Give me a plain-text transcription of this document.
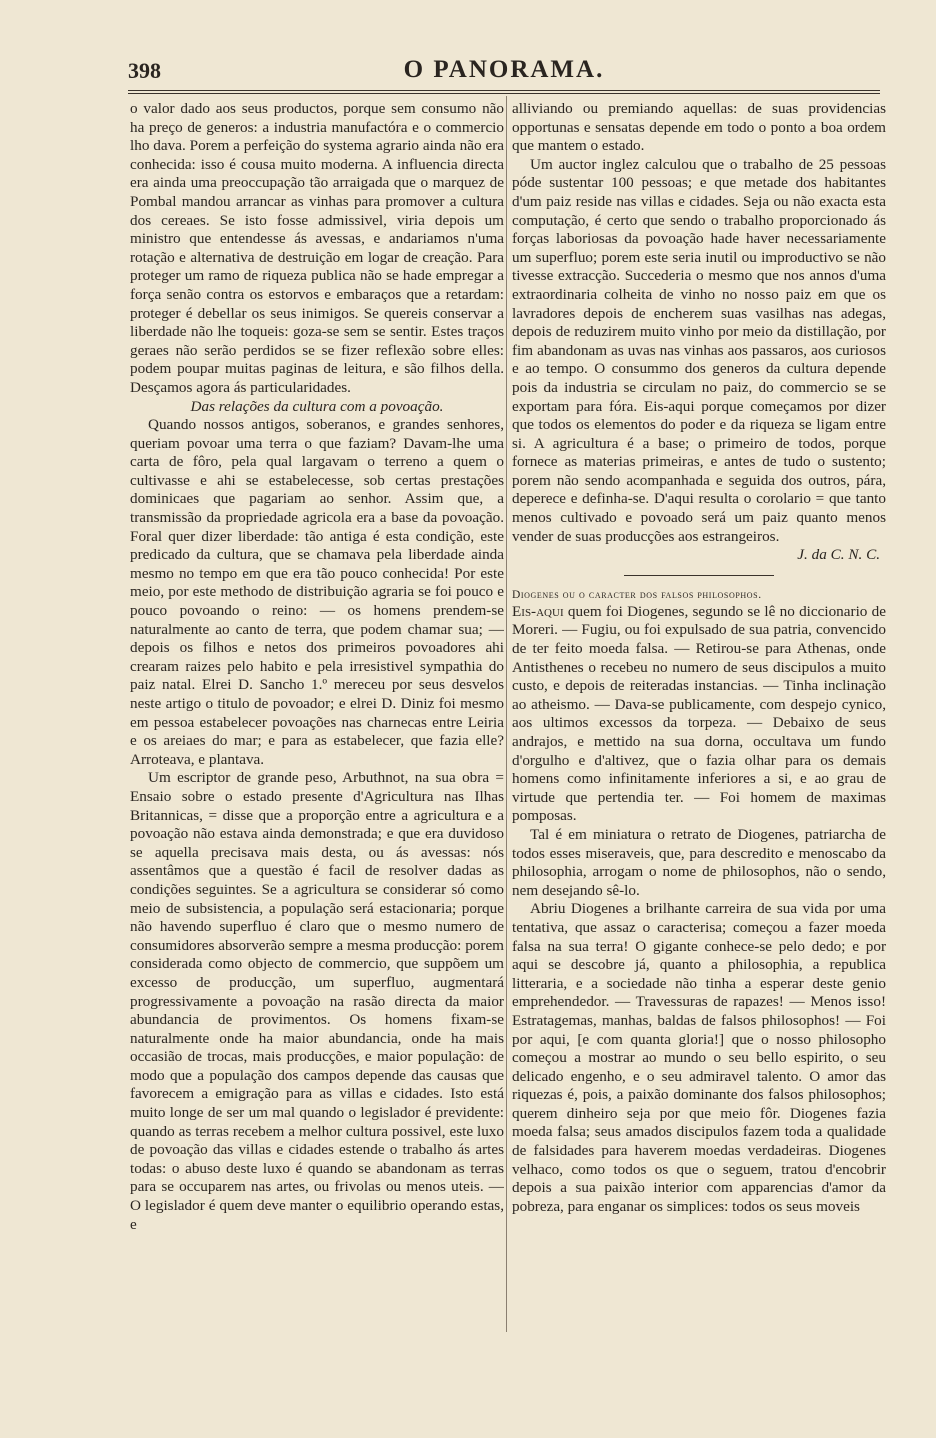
398	O PANORAMA.

o valor dado aos seus productos, porque sem consumo não ha preço de generos: a industria manufactóra e o commercio lho dava. Porem a perfeição do systema agrario ainda não era conhecida: isso é cousa muito moderna. A influencia directa era ainda uma preoccupação tão arraigada que o marquez de Pombal mandou arrancar as vinhas para promover a cultura dos cereaes. Se isto fosse admissivel, viria depois um ministro que entendesse ás avessas, e andariamos n'uma rotação e alternativa de destruição em logar de creação. Para proteger um ramo de riqueza publica não se hade empregar a força senão contra os estorvos e embaraços que a retardam: proteger é debellar os seus inimigos. Se quereis conservar a liberdade não lhe toqueis: goza-se sem se sentir. Estes traços geraes não serão perdidos se se fizer reflexão sobre elles: podem poupar muitas paginas de leitura, e são filhos della. Desçamos agora ás particularidades.

Das relações da cultura com a povoação.

Quando nossos antigos, soberanos, e grandes senhores, queriam povoar uma terra o que faziam? Davam-lhe uma carta de fôro, pela qual largavam o terreno a quem o cultivasse e ahi se estabelecesse, sob certas prestações dominicaes que pagariam ao senhor. Assim que, a transmissão da propriedade agricola era a base da povoação. Foral quer dizer liberdade: tão antiga é esta condição, este predicado da cultura, que se chamava pela liberdade ainda mesmo no tempo em que era tão pouco conhecida! Por este meio, por este methodo de distribuição agraria se foi pouco e pouco povoando o reino: — os homens prendem-se naturalmente ao canto de terra, que podem chamar sua; — depois os filhos e netos dos primeiros povoadores ahi crearam raizes pelo habito e pela irresistivel sympathia do paiz natal. Elrei D. Sancho 1.º mereceu por seus desvelos neste artigo o titulo de povoador; e elrei D. Diniz foi mesmo em pessoa estabelecer povoações nas charnecas entre Leiria e os areiaes do mar; e para as estabelecer, que fazia elle? Arroteava, e plantava.

Um escriptor de grande peso, Arbuthnot, na sua obra = Ensaio sobre o estado presente d'Agricultura nas Ilhas Britannicas, = disse que a proporção entre a agricultura e a povoação não estava ainda demonstrada; e que era duvidoso se aquella precisava mais desta, ou ás avessas: nós assentâmos que a questão é facil de resolver dadas as condições seguintes. Se a agricultura se considerar só como meio de subsistencia, a população será estacionaria; porque não havendo superfluo é claro que o mesmo numero de consumidores absorverão sempre a mesma producção: porem considerada como objecto de commercio, que suppõem um excesso de producção, um superfluo, augmentará progressivamente a povoação na rasão directa da maior abundancia de provimentos. Os homens fixam-se naturalmente onde ha maior abundancia, onde ha mais occasião de trocas, mais producções, e maior população: de modo que a população dos campos depende das causas que favorecem a emigração para as villas e cidades. Isto está muito longe de ser um mal quando o legislador é previdente: quando as terras recebem a melhor cultura possivel, este luxo de povoação das villas e cidades estende o trabalho ás artes todas: o abuso deste luxo é quando se abandonam as terras para se occuparem nas artes, ou frivolas ou menos uteis. — O legislador é quem deve manter o equilibrio operando estas, e

alliviando ou premiando aquellas: de suas providencias opportunas e sensatas depende em todo o ponto a boa ordem que mantem o estado.

Um auctor inglez calculou que o trabalho de 25 pessoas póde sustentar 100 pessoas; e que metade dos habitantes d'um paiz reside nas villas e cidades. Seja ou não exacta esta computação, é certo que sendo o trabalho proporcionado ás forças laboriosas da povoação hade haver necessariamente um superfluo; porem este seria inutil ou improductivo se não tivesse extracção. Succederia o mesmo que nos annos d'uma extraordinaria colheita de vinho no nosso paiz em que os lavradores depois de encherem suas vasilhas nas adegas, depois de reduzirem muito vinho por meio da distillação, por fim abandonam as uvas nas vinhas aos passaros, aos curiosos e ao tempo. O consummo dos generos da cultura depende pois da industria se circulam no paiz, do commercio se se exportam para fóra. Eis-aqui porque começamos por dizer que todos os elementos do poder e da riqueza se ligam entre si. A agricultura é a base; o primeiro de todos, porque fornece as materias primeiras, e antes de tudo o sustento; porem não sendo acompanhada e seguida dos outros, pára, deperece e definha-se. D'aqui resulta o corolario = que tanto menos cultivado e povoado será um paiz quanto menos vender de suas producções aos estrangeiros.

J. da C. N. C.

Diogenes ou o caracter dos falsos philosophos.

Eis-aqui quem foi Diogenes, segundo se lê no diccionario de Moreri. — Fugiu, ou foi expulsado de sua patria, convencido de ter feito moeda falsa. — Retirou-se para Athenas, onde Antisthenes o recebeu no numero de seus discipulos a muito custo, e depois de reiteradas instancias. — Tinha inclinação ao atheismo. — Dava-se publicamente, com despejo cynico, aos ultimos excessos da torpeza. — Debaixo de seus andrajos, e mettido na sua dorna, occultava um fundo d'orgulho e d'altivez, que o fazia olhar para os demais homens como infinitamente inferiores a si, e ao grau de virtude que pertendia ter. — Foi homem de maximas pomposas.

Tal é em miniatura o retrato de Diogenes, patriarcha de todos esses miseraveis, que, para descredito e menoscabo da philosophia, arrogam o nome de philosophos, não o sendo, nem desejando sê-lo.

Abriu Diogenes a brilhante carreira de sua vida por uma tentativa, que assaz o caracterisa; começou a fazer moeda falsa na sua terra! O gigante conhece-se pelo dedo; e por aqui se descobre já, quanto a philosophia, a republica litteraria, e a sociedade não tinha a esperar deste genio emprehendedor. — Travessuras de rapazes! — Menos isso! Estratagemas, manhas, baldas de falsos philosophos! — Foi por aqui, [e com quanta gloria!] que o nosso philosopho começou a mostrar ao mundo o seu bello espirito, o seu delicado engenho, e o seu admiravel talento. O amor das riquezas é, pois, a paixão dominante dos falsos philosophos; querem dinheiro seja por que meio fôr. Diogenes fazia moeda falsa; seus amados discipulos fazem toda a qualidade de falsidades para haverem moedas verdadeiras. Diogenes velhaco, como todos os que o seguem, tratou d'encobrir depois a sua paixão interior com apparencias d'amor da pobreza, para enganar os simplices: todos os seus moveis
